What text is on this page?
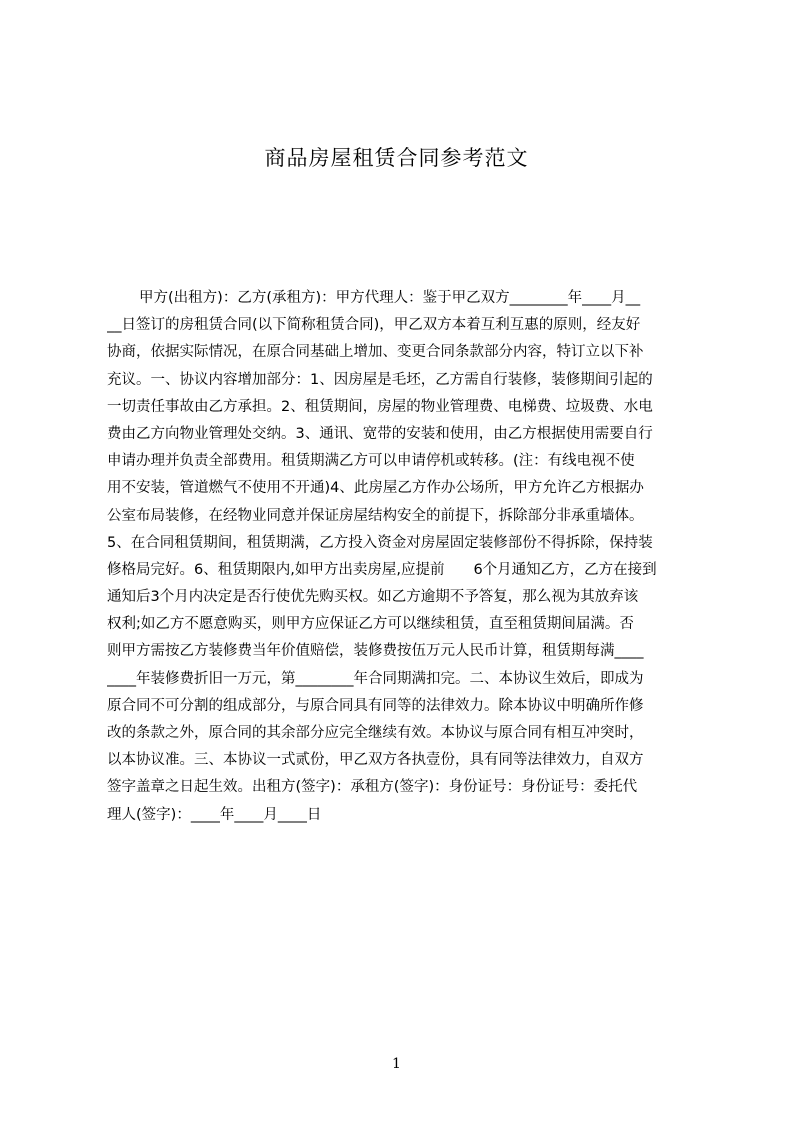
商品房屋租赁合同参考范文
甲方(出租方)：乙方(承租方)：甲方代理人：鉴于甲乙双方________年____月__
__日签订的房租赁合同(以下简称租赁合同)，甲乙双方本着互利互惠的原则，经友好
协商，依据实际情况，在原合同基础上增加、变更合同条款部分内容，特订立以下补
充议。一、协议内容增加部分：1、因房屋是毛坯，乙方需自行装修，装修期间引起的
一切责任事故由乙方承担。2、租赁期间，房屋的物业管理费、电梯费、垃圾费、水电
费由乙方向物业管理处交纳。3、通讯、宽带的安装和使用，由乙方根据使用需要自行
申请办理并负责全部费用。租赁期满乙方可以申请停机或转移。(注：有线电视不使
用不安装，管道燃气不使用不开通)4、此房屋乙方作办公场所，甲方允许乙方根据办
公室布局装修，在经物业同意并保证房屋结构安全的前提下，拆除部分非承重墙体。
5、在合同租赁期间，租赁期满，乙方投入资金对房屋固定装修部份不得拆除，保持装
修格局完好。6、租赁期限内,如甲方出卖房屋,应提前　　6个月通知乙方，乙方在接到
通知后3个月内决定是否行使优先购买权。如乙方逾期不予答复，那么视为其放弃该
权利;如乙方不愿意购买，则甲方应保证乙方可以继续租赁，直至租赁期间届满。否
则甲方需按乙方装修费当年价值赔偿，装修费按伍万元人民币计算，租赁期每满____
____年装修费折旧一万元，第________年合同期满扣完。二、本协议生效后，即成为
原合同不可分割的组成部分，与原合同具有同等的法律效力。除本协议中明确所作修
改的条款之外，原合同的其余部分应完全继续有效。本协议与原合同有相互冲突时，
以本协议准。三、本协议一式贰份，甲乙双方各执壹份，具有同等法律效力，自双方
签字盖章之日起生效。出租方(签字)：承租方(签字)：身份证号：身份证号：委托代
理人(签字)：____年____月____日
1
